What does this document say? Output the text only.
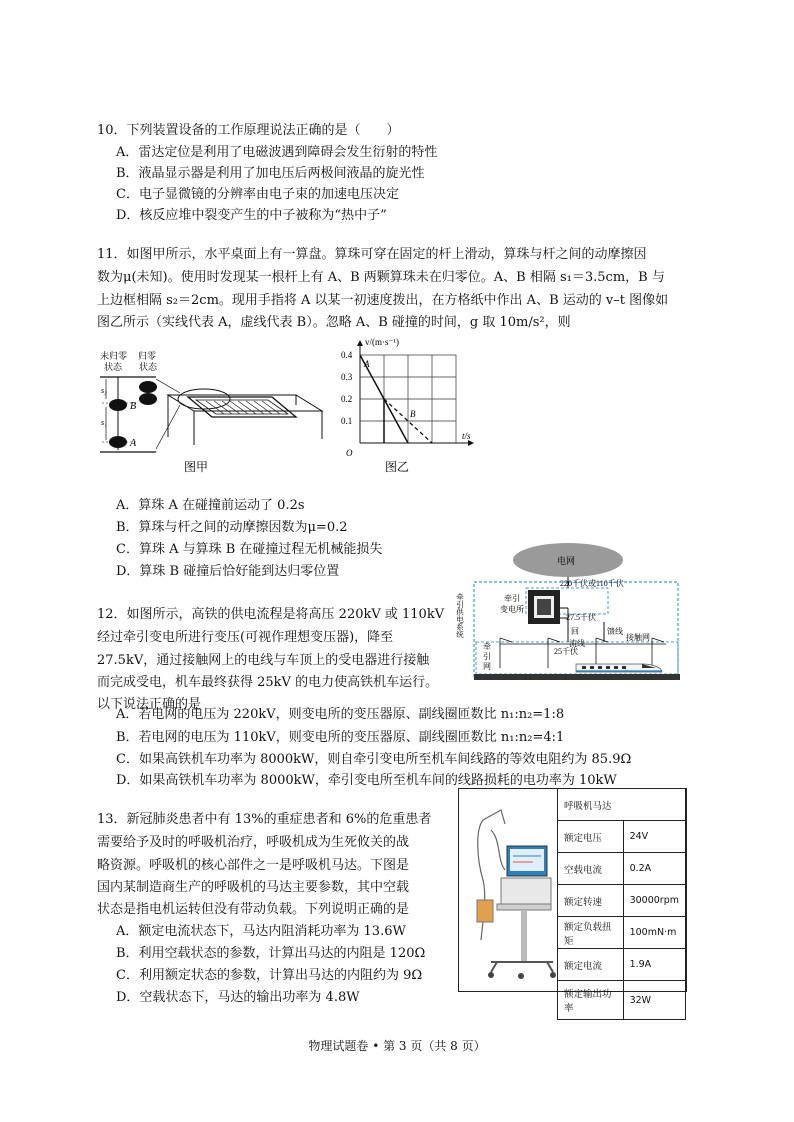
10．下列装置设备的工作原理说法正确的是（　　）
A．雷达定位是利用了电磁波遇到障碍会发生衍射的特性
B．液晶显示器是利用了加电压后两极间液晶的旋光性
C．电子显微镜的分辨率由电子束的加速电压决定
D．核反应堆中裂变产生的中子被称为“热中子”
11．如图甲所示，水平桌面上有一算盘。算珠可穿在固定的杆上滑动，算珠与杆之间的动摩擦因
数为μ(未知)。使用时发现某一根杆上有 A、B 两颗算珠未在归零位。A、B 相隔 s₁＝3.5cm，B 与
上边框相隔 s₂＝2cm。现用手指将 A 以某一初速度拨出，在方格纸中作出 A、B 运动的 v–t 图像如
图乙所示（实线代表 A，虚线代表 B）。忽略 A、B 碰撞的时间，g 取 10m/s²，则
未归零
状态
归零
状态
s₂
s₁
B
A
图甲
v/(m·s⁻¹)
t/s
O
0.4
0.3
0.2
0.1
A
B
图乙
A．算珠 A 在碰撞前运动了 0.2s
B．算珠与杆之间的动摩擦因数为μ=0.2
C．算珠 A 与算珠 B 在碰撞过程无机械能损失
D．算珠 B 碰撞后恰好能到达归零位置
12．如图所示，高铁的供电流程是将高压 220kV 或 110kV
经过牵引变电所进行变压(可视作理想变压器)，降至
27.5kV，通过接触网上的电线与车顶上的受电器进行接触
而完成受电，机车最终获得 25kV 的电力使高铁机车运行。
以下说法正确的是
电网
220千伏或110千伏
牵引
变电所
27.5千伏
馈线
回
流线
牵
引
网
接触网
25千伏
牵引供电系统
A．若电网的电压为 220kV，则变电所的变压器原、副线圈匝数比 n₁:n₂=1:8
B．若电网的电压为 110kV，则变电所的变压器原、副线圈匝数比 n₁:n₂=4:1
C．如果高铁机车功率为 8000kW，则自牵引变电所至机车间线路的等效电阻约为 85.9Ω
D．如果高铁机车功率为 8000kW，牵引变电所至机车间的线路损耗的电功率为 10kW
13．新冠肺炎患者中有 13%的重症患者和 6%的危重患者
需要给予及时的呼吸机治疗，呼吸机成为生死攸关的战
略资源。呼吸机的核心部件之一是呼吸机马达。下图是
国内某制造商生产的呼吸机的马达主要参数，其中空载
状态是指电机运转但没有带动负载。下列说明正确的是
A．额定电流状态下，马达内阻消耗功率为 13.6W
B．利用空载状态的参数，计算出马达的内阻是 120Ω
C．利用额定状态的参数，计算出马达的内阻约为 9Ω
D．空载状态下，马达的输出功率为 4.8W
呼吸机马达	
额定电压	24V
空载电流	0.2A
额定转速	30000rpm
额定负载扭矩	100mN·m
额定电流	1.9A
额定输出功率	32W
物理试题卷 • 第 3 页（共 8 页）
